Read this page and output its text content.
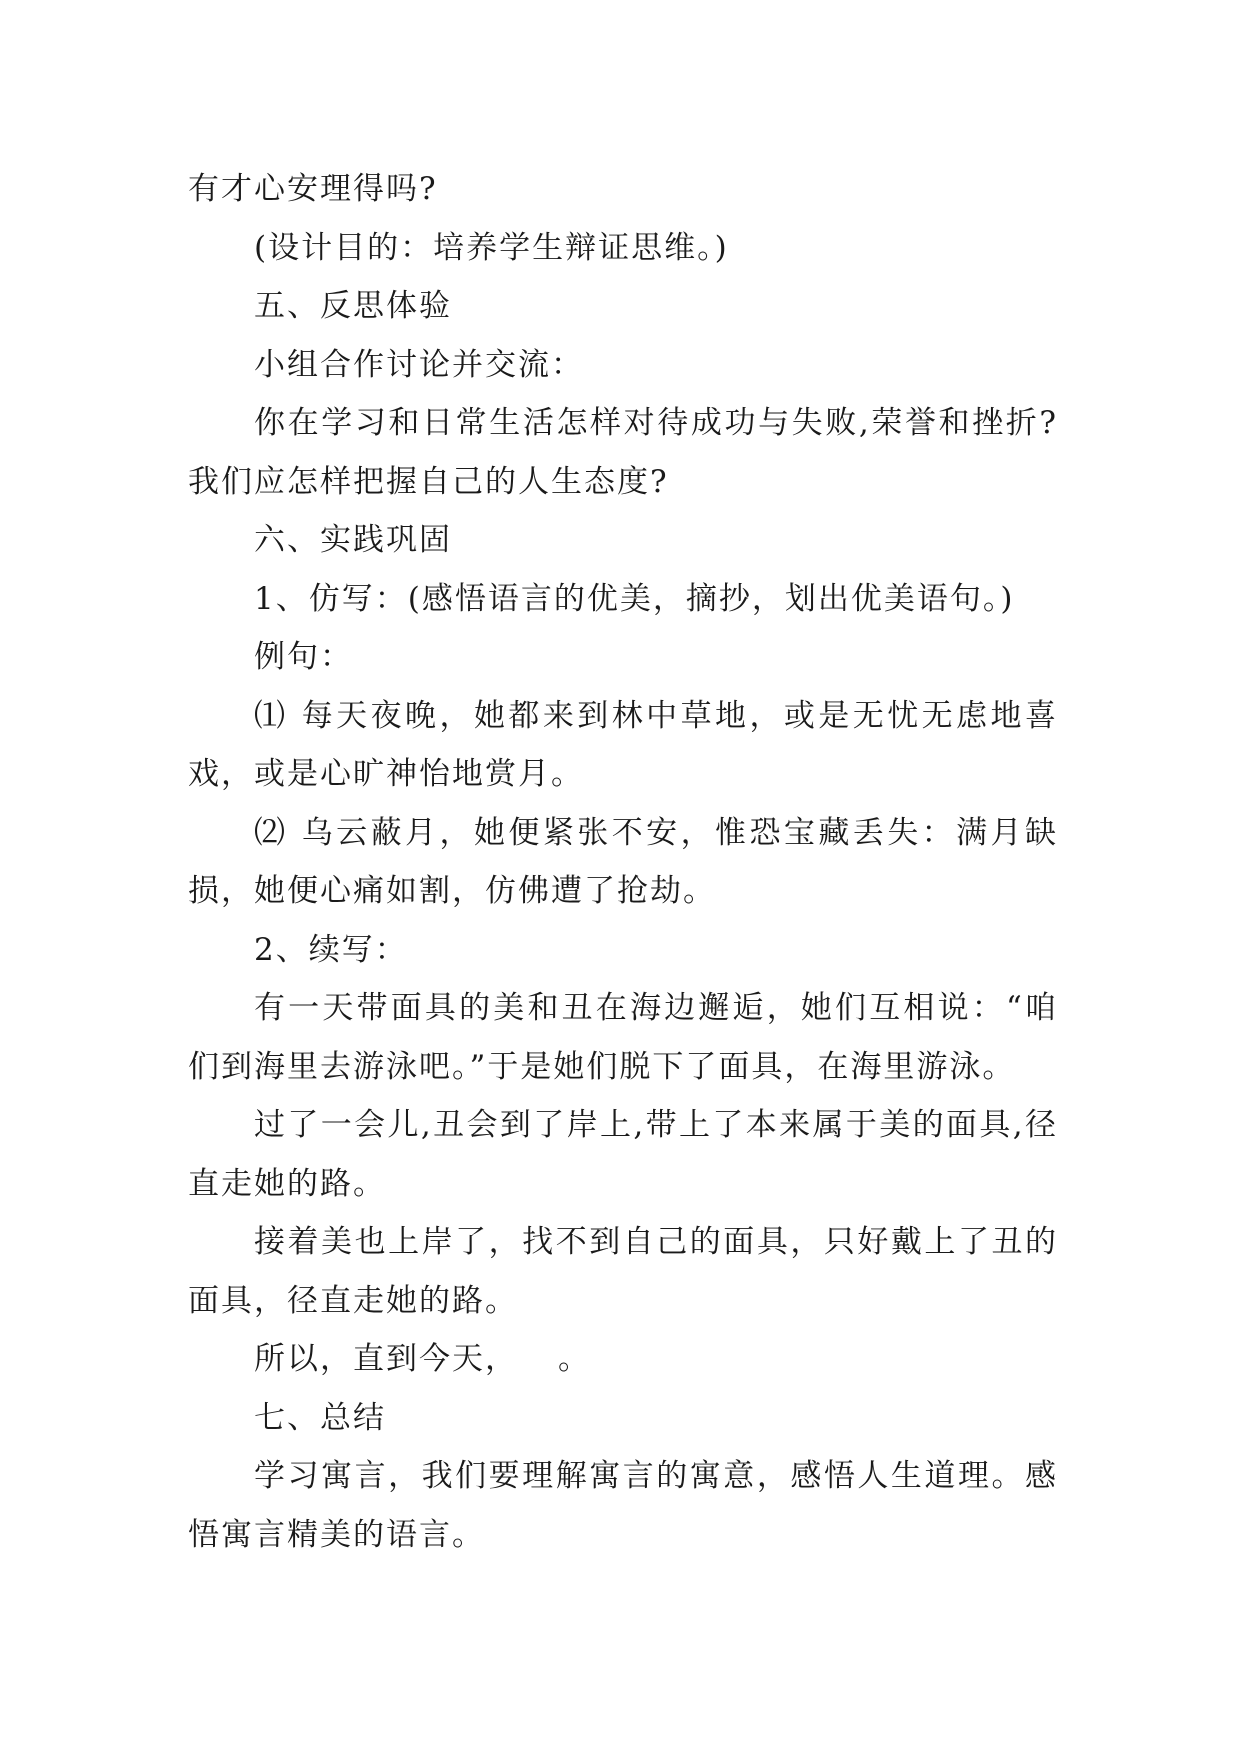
有才心安理得吗?

(设计目的：培养学生辩证思维。)

五、反思体验

小组合作讨论并交流：

你在学习和日常生活怎样对待成功与失败,荣誉和挫折?我们应怎样把握自己的人生态度?

六、实践巩固

1、仿写：(感悟语言的优美，摘抄，划出优美语句。)

例句：

⑴ 每天夜晚，她都来到林中草地，或是无忧无虑地喜戏，或是心旷神怡地赏月。

⑵ 乌云蔽月，她便紧张不安，惟恐宝藏丢失：满月缺损，她便心痛如割，仿佛遭了抢劫。

2、续写：

有一天带面具的美和丑在海边邂逅，她们互相说：“咱们到海里去游泳吧。”于是她们脱下了面具，在海里游泳。

过了一会儿,丑会到了岸上,带上了本来属于美的面具,径直走她的路。

接着美也上岸了，找不到自己的面具，只好戴上了丑的面具，径直走她的路。

所以，直到今天， 。

七、总结

学习寓言，我们要理解寓言的寓意，感悟人生道理。感悟寓言精美的语言。
